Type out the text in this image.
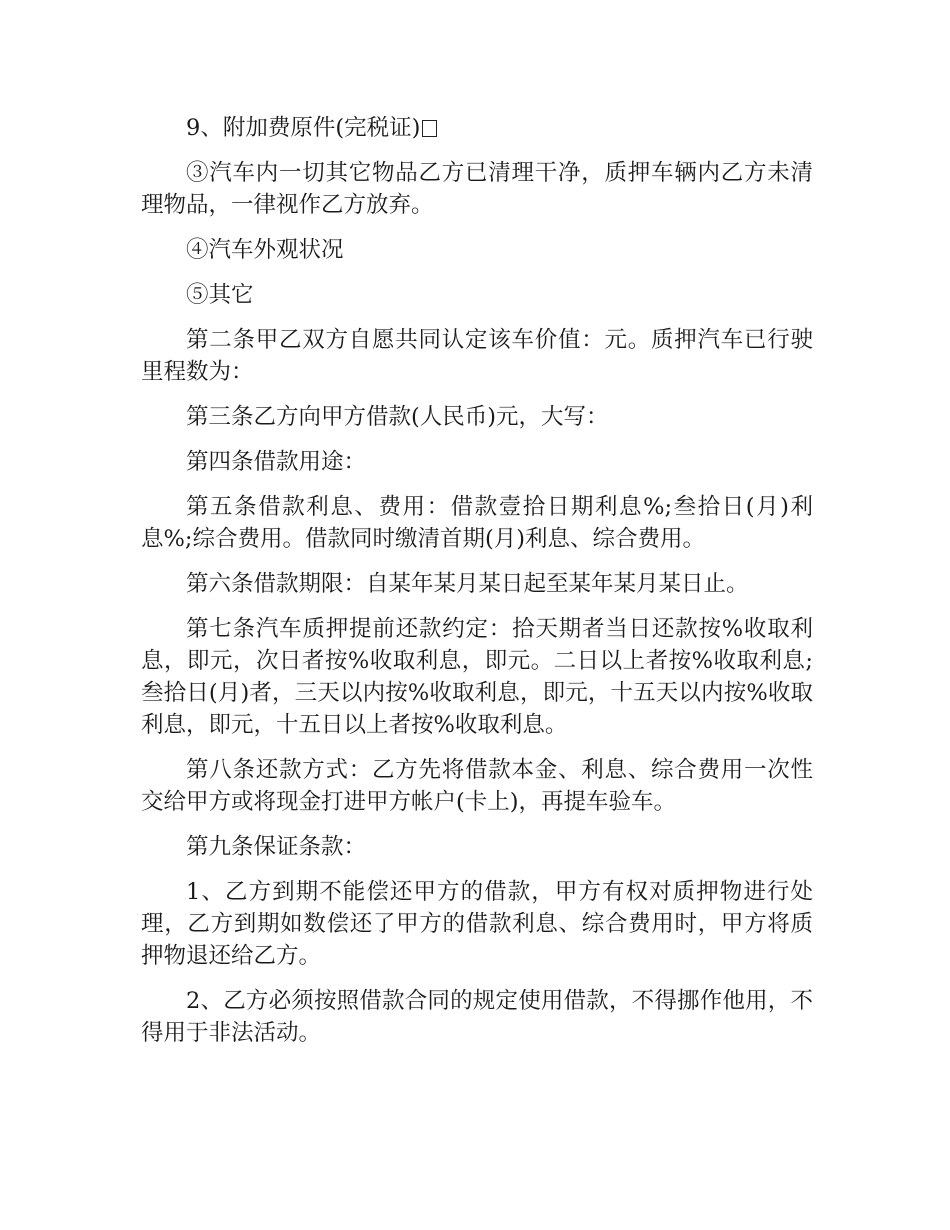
9、附加费原件(完税证)

③汽车内一切其它物品乙方已清理干净，质押车辆内乙方未清理物品，一律视作乙方放弃。

④汽车外观状况

⑤其它

第二条甲乙双方自愿共同认定该车价值：元。质押汽车已行驶里程数为：

第三条乙方向甲方借款(人民币)元，大写：

第四条借款用途：

第五条借款利息、费用：借款壹拾日期利息%;叁拾日(月)利息%;综合费用。借款同时缴清首期(月)利息、综合费用。

第六条借款期限：自某年某月某日起至某年某月某日止。

第七条汽车质押提前还款约定：拾天期者当日还款按%收取利息，即元，次日者按%收取利息，即元。二日以上者按%收取利息;叁拾日(月)者，三天以内按%收取利息，即元，十五天以内按%收取利息，即元，十五日以上者按%收取利息。

第八条还款方式：乙方先将借款本金、利息、综合费用一次性交给甲方或将现金打进甲方帐户(卡上)，再提车验车。

第九条保证条款：

1、乙方到期不能偿还甲方的借款，甲方有权对质押物进行处理，乙方到期如数偿还了甲方的借款利息、综合费用时，甲方将质押物退还给乙方。

2、乙方必须按照借款合同的规定使用借款，不得挪作他用，不得用于非法活动。
